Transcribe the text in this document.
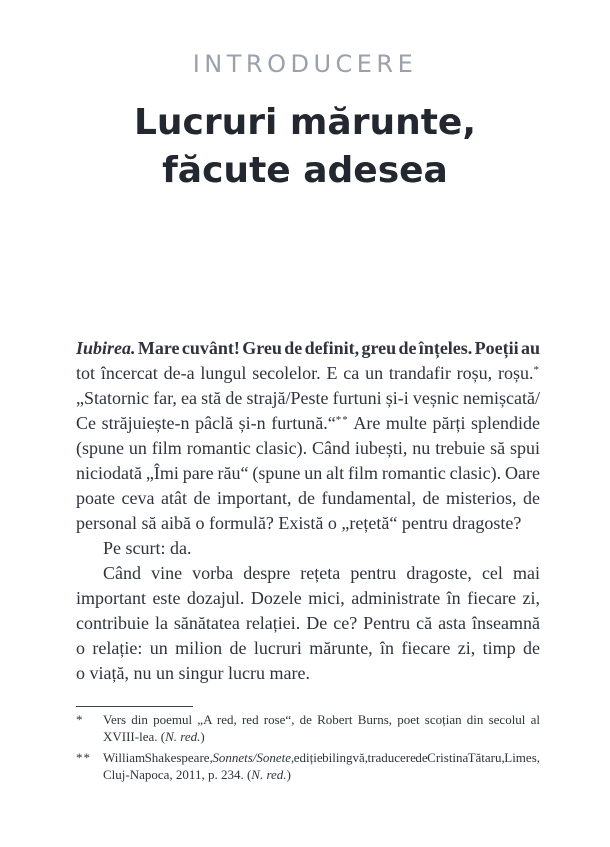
INTRODUCERE
Lucruri mărunte,
făcute adesea
Iubirea. Mare cuvânt! Greu de definit, greu de înțeles. Poeții au
tot încercat de-a lungul secolelor. E ca un trandafir roșu, roșu.*
„Statornic far, ea stă de strajă/Peste furtuni și-i veșnic nemișcată/
Ce străjuiește-n pâclă și-n furtună.“** Are multe părți splendide
(spune un film romantic clasic). Când iubești, nu trebuie să spui
niciodată „Îmi pare rău“ (spune un alt film romantic clasic). Oare
poate ceva atât de important, de fundamental, de misterios, de
personal să aibă o formulă? Există o „rețetă“ pentru dragoste?
Pe scurt: da.
Când vine vorba despre rețeta pentru dragoste, cel mai
important este dozajul. Dozele mici, administrate în fiecare zi,
contribuie la sănătatea relației. De ce? Pentru că asta înseamnă
o relație: un milion de lucruri mărunte, în fiecare zi, timp de
o viață, nu un singur lucru mare.
* Vers din poemul „A red, red rose“, de Robert Burns, poet scoțian din secolul al
XVIII-lea. (N. red.)
** William Shakespeare, Sonnets/Sonete, ediție bilingvă, traducere de Cristina Tătaru, Limes,
Cluj-Napoca, 2011, p. 234. (N. red.)
